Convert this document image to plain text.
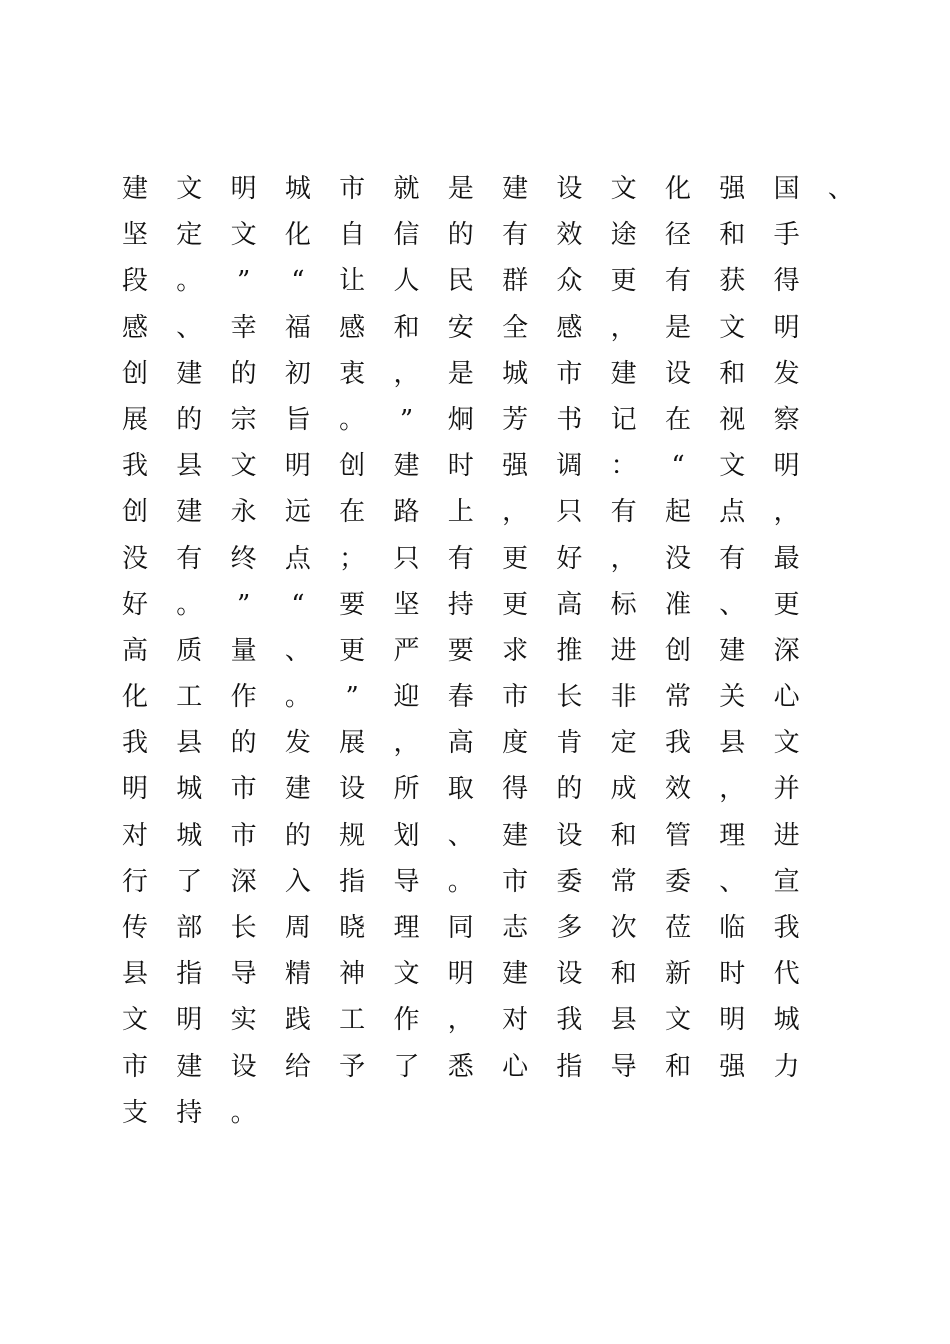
建 文 明 城 市 就 是 建 设 文 化 强 国 、
坚 定 文 化 自 信 的 有 效 途 径 和 手
段 。	”	“	让 人 民 群 众 更 有 获 得
感 、 幸 福 感 和 安 全 感 ， 是 文 明
创 建 的 初 衷 ， 是 城 市 建 设 和 发
展 的 宗 旨 。	”	炯 芳 书 记 在 视 察
我 县 文 明 创 建 时 强 调 ：	“	文 明
创 建 永 远 在 路 上 ， 只 有 起 点 ，
没 有 终 点 ； 只 有 更 好 ， 没 有 最
好 。	”	“	要 坚 持 更 高 标 准 、 更
高 质 量 、 更 严 要 求 推 进 创 建 深
化 工 作 。	”	迎 春 市 长 非 常 关 心
我 县 的 发 展 ， 高 度 肯 定 我 县 文
明 城 市 建 设 所 取 得 的 成 效 ， 并
对 城 市 的 规 划 、 建 设 和 管 理 进
行 了 深 入 指 导 。 市 委 常 委 、 宣
传 部 长 周 晓 理 同 志 多 次 莅 临 我
县 指 导 精 神 文 明 建 设 和 新 时 代
文 明 实 践 工 作 ， 对 我 县 文 明 城
市 建 设 给 予 了 悉 心 指 导 和 强 力
支 持 。
